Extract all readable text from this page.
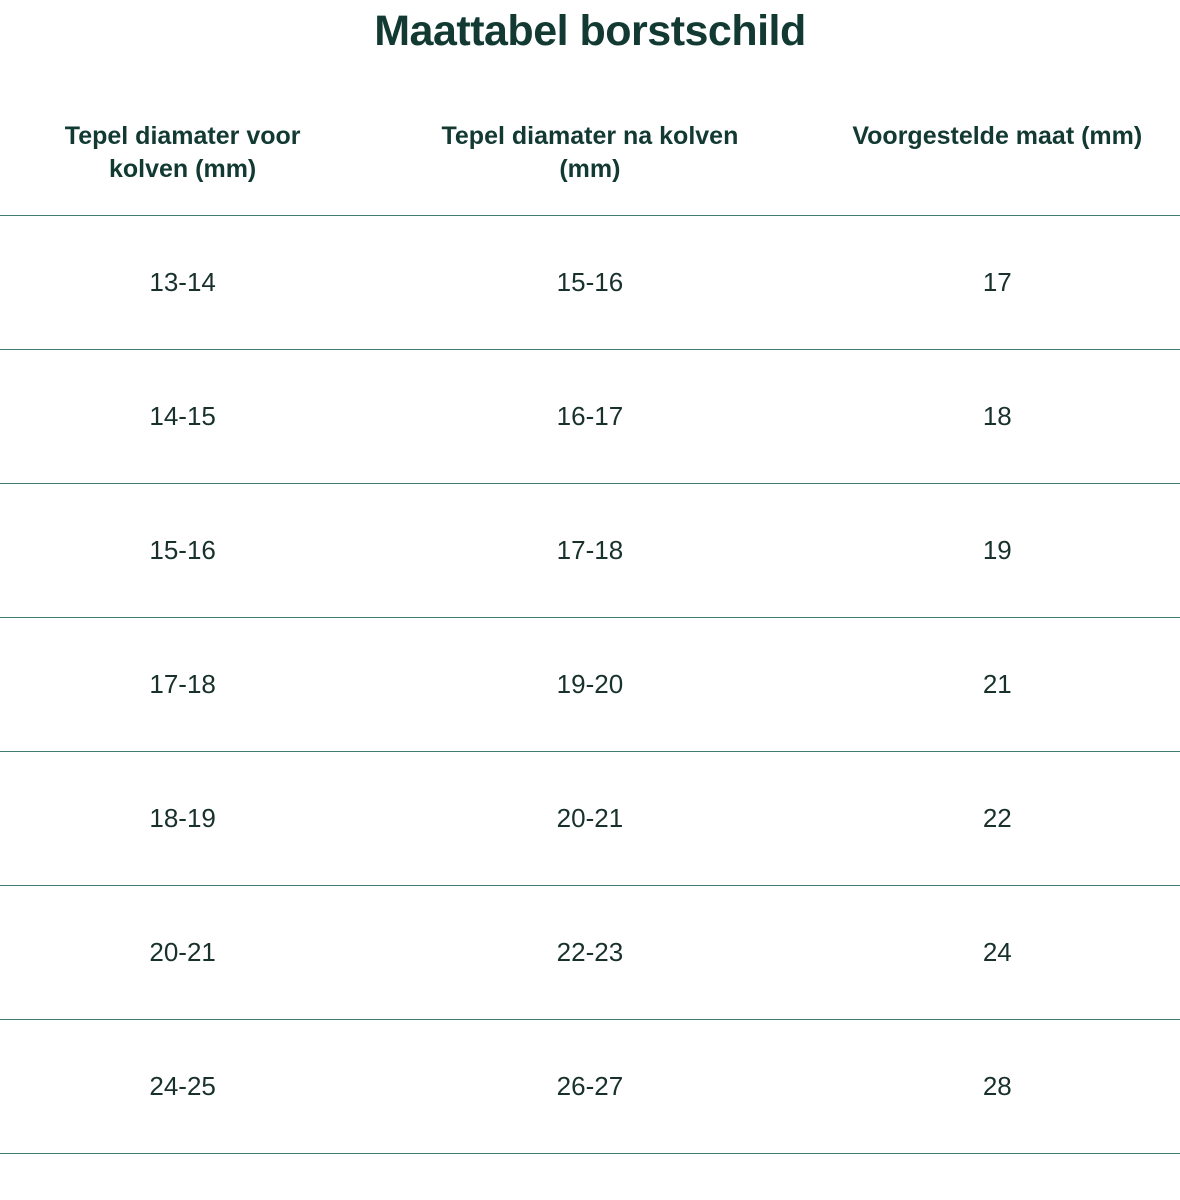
Maattabel borstschild
Tepel diamater voor kolven (mm)	Tepel diamater na kolven (mm)	Voorgestelde maat (mm)

13-14	15-16	17
14-15	16-17	18
15-16	17-18	19
17-18	19-20	21
18-19	20-21	22
20-21	22-23	24
24-25	26-27	28
